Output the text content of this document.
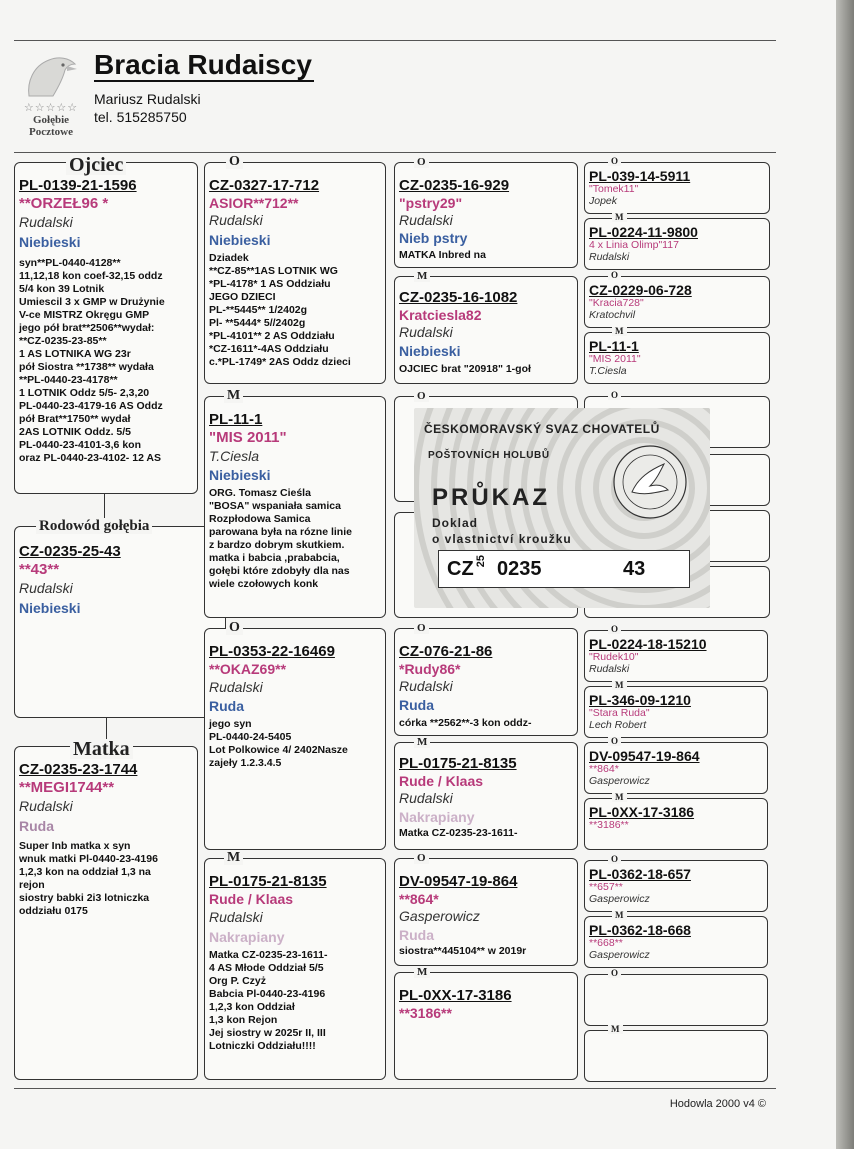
☆☆☆☆☆
Gołębie
Pocztowe
Bracia Rudaiscy
Mariusz Rudalski
tel. 515285750
PL-0139-21-1596
**ORZEŁ96 *
Rudalski
Niebieski
syn**PL-0440-4128**
11,12,18 kon coef-32,15 oddz
5/4 kon 39 Lotnik
Umiescil 3 x GMP w Drużynie
V-ce MISTRZ Okręgu GMP
jego pół brat**2506**wydał:
**CZ-0235-23-85**
1 AS LOTNIKA WG 23r
pół Siostra **1738** wydała
**PL-0440-23-4178**
1 LOTNIK Oddz 5/5- 2,3,20
PL-0440-23-4179-16 AS Oddz
pół Brat**1750** wydał
2AS LOTNIK Oddz. 5/5
PL-0440-23-4101-3,6 kon
oraz PL-0440-23-4102- 12 AS
Ojciec
CZ-0235-25-43
**43**
Rudalski
Niebieski
Rodowód gołębia
CZ-0235-23-1744
**MEGI1744**
Rudalski
Ruda
Super Inb matka x syn
wnuk matki Pl-0440-23-4196
1,2,3 kon na oddział 1,3 na
rejon
siostry babki 2i3 lotniczka
oddziału 0175
Matka
CZ-0327-17-712
ASIOR**712**
Rudalski
Niebieski
Dziadek
**CZ-85**1AS LOTNIK WG
*PL-4178* 1 AS Oddziału
JEGO DZIECI
PL-**5445** 1/2402g
Pl- **5444* 5//2402g
*PL-4101** 2 AS Oddziału
*CZ-1611*-4AS Oddziału
c.*PL-1749* 2AS Oddz dzieci
O
PL-11-1
"MIS 2011"
T.Ciesla
Niebieski
ORG. Tomasz Cieśla
"BOSA" wspaniała samica
Rozpłodowa Samica
parowana była na rózne linie
z bardzo dobrym skutkiem.
matka i babcia ,prababcia,
gołębi które zdobyły dla nas
wiele czołowych konk
M
PL-0353-22-16469
**OKAZ69**
Rudalski
Ruda
jego syn
PL-0440-24-5405
Lot Polkowice 4/ 2402Nasze
zajeły 1.2.3.4.5
O
PL-0175-21-8135
Rude / Klaas
Rudalski
Nakrapiany
Matka CZ-0235-23-1611-
4 AS Młode Oddział 5/5
Org P. Czyż
Babcia Pl-0440-23-4196
1,2,3 kon Oddział
1,3 kon Rejon
Jej siostry w 2025r II, III
Lotniczki Oddziału!!!!
M
CZ-0235-16-929
"pstry29"
Rudalski
Nieb pstry
MATKA Inbred na
O
CZ-0235-16-1082
Kratciesla82
Rudalski
Niebieski
OJCIEC brat "20918" 1-goł
M
O
CZ-076-21-86
*Rudy86*
Rudalski
Ruda
córka **2562**-3 kon oddz-
O
PL-0175-21-8135
Rude / Klaas
Rudalski
Nakrapiany
Matka CZ-0235-23-1611-
M
DV-09547-19-864
**864*
Gasperowicz
Ruda
siostra**445104** w 2019r
O
PL-0XX-17-3186
**3186**
M
PL-039-14-5911
"Tomek11"
Jopek
O
PL-0224-11-9800
4 x Linia Olimp"117
Rudalski
M
CZ-0229-06-728
"Kracia728"
Kratochvil
O
PL-11-1
"MIS 2011"
T.Ciesla
M
O
PL-0224-18-15210
"Rudek10"
Rudalski
O
PL-346-09-1210
"Stara Ruda"
Lech Robert
M
DV-09547-19-864
**864*
Gasperowicz
O
PL-0XX-17-3186
**3186**
M
PL-0362-18-657
**657**
Gasperowicz
O
PL-0362-18-668
**668**
Gasperowicz
M
O
M
ČESKOMORAVSKÝ SVAZ CHOVATELŮ
POŠTOVNÍCH HOLUBŮ
PRŮKAZ
Doklad
o vlastnictví kroužku
CZ 25 0235	43
Hodowla 2000 v4 ©
